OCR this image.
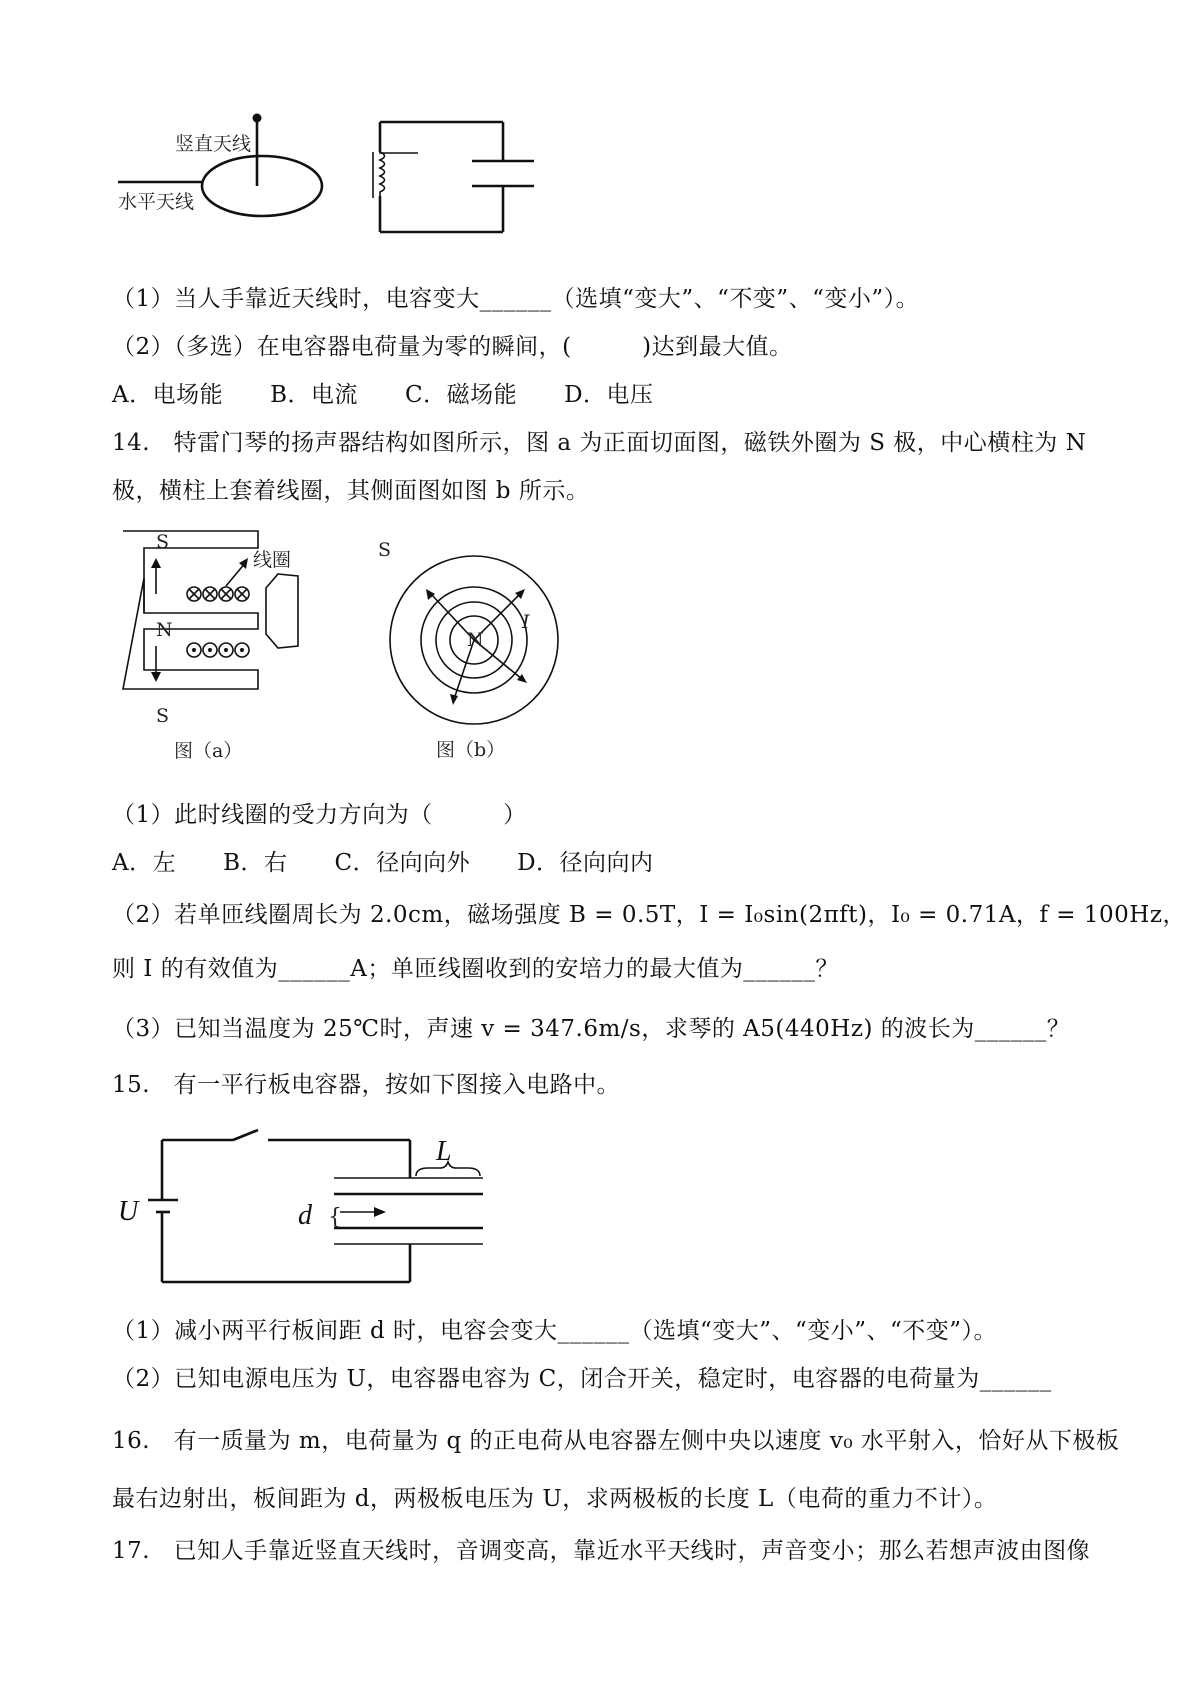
竖直天线
水平天线
（1）当人手靠近天线时，电容变大______（选填“变大”、“不变”、“变小”）。
（2）（多选）在电容器电荷量为零的瞬间，(　　　)达到最大值。
A．电场能　　B．电流　　C．磁场能　　D．电压
14.　特雷门琴的扬声器结构如图所示，图 a 为正面切面图，磁铁外圈为 S 极，中心横柱为 N
极，横柱上套着线圈，其侧面图如图 b 所示。
S
N
S
线圈
图（a）
S
N
I
图（b）
（1）此时线圈的受力方向为（　　　）
A．左　　B．右　　C．径向向外　　D．径向向内
（2）若单匝线圈周长为 2.0cm，磁场强度 B = 0.5T，I = I₀sin(2πft)，I₀ = 0.71A，f = 100Hz，
则 I 的有效值为______A；单匝线圈收到的安培力的最大值为______？
（3）已知当温度为 25℃时，声速 v = 347.6m/s，求琴的 A5(440Hz) 的波长为______？
15.　有一平行板电容器，按如下图接入电路中。
{
U	d
L
（1）减小两平行板间距 d 时，电容会变大______（选填“变大”、“变小”、“不变”）。
（2）已知电源电压为 U，电容器电容为 C，闭合开关，稳定时，电容器的电荷量为______
16.　有一质量为 m，电荷量为 q 的正电荷从电容器左侧中央以速度 v₀ 水平射入，恰好从下极板
最右边射出，板间距为 d，两极板电压为 U，求两极板的长度 L（电荷的重力不计）。
17.　已知人手靠近竖直天线时，音调变高，靠近水平天线时，声音变小；那么若想声波由图像
